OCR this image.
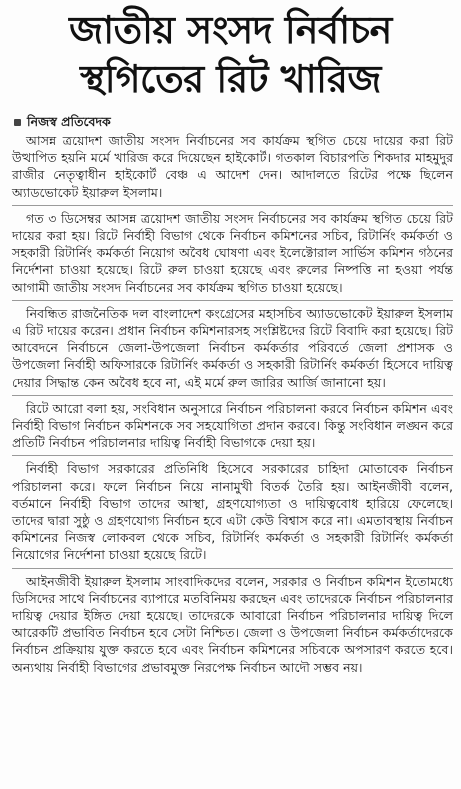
জাতীয় সংসদ নির্বাচন
স্থগিতের রিট খারিজ
নিজস্ব প্রতিবেদক

আসন্ন ত্রয়োদশ জাতীয় সংসদ নির্বাচনের সব কার্যক্রম স্থগিত চেয়ে দায়ের করা রিট উত্থাপিত হয়নি মর্মে খারিজ করে দিয়েছেন হাইকোর্ট। গতকাল বিচারপতি শিকদার মাহমুদুর রাজীর নেতৃত্বাধীন হাইকোর্ট বেঞ্চ এ আদেশ দেন। আদালতে রিটের পক্ষে ছিলেন অ্যাডভোকেট ইয়ারুল ইসলাম।

গত ৩ ডিসেম্বর আসন্ন ত্রয়োদশ জাতীয় সংসদ নির্বাচনের সব কার্যক্রম স্থগিত চেয়ে রিট দায়ের করা হয়। রিটে নির্বাহী বিভাগ থেকে নির্বাচন কমিশনের সচিব, রিটার্নিং কর্মকর্তা ও সহকারী রিটার্নিং কর্মকর্তা নিয়োগ অবৈধ ঘোষণা এবং ইলেক্টোরাল সার্ভিস কমিশন গঠনের নির্দেশনা চাওয়া হয়েছে। রিটে রুল চাওয়া হয়েছে এবং রুলের নিষ্পত্তি না হওয়া পর্যন্ত আগামী জাতীয় সংসদ নির্বাচনের সব কার্যক্রম স্থগিত চাওয়া হয়েছে।

নিবন্ধিত রাজনৈতিক দল বাংলাদেশ কংগ্রেসের মহাসচিব অ্যাডভোকেট ইয়ারুল ইসলাম এ রিট দায়ের করেন। প্রধান নির্বাচন কমিশনারসহ সংশ্লিষ্টদের রিটে বিবাদি করা হয়েছে। রিট আবেদনে নির্বাচনে জেলা-উপজেলা নির্বাচন কর্মকর্তার পরিবর্তে জেলা প্রশাসক ও উপজেলা নির্বাহী অফিসারকে রিটার্নিং কর্মকর্তা ও সহকারী রিটার্নিং কর্মকর্তা হিসেবে দায়িত্ব দেয়ার সিদ্ধান্ত কেন অবৈধ হবে না, এই মর্মে রুল জারির আর্জি জানানো হয়।

রিটে আরো বলা হয়, সংবিধান অনুসারে নির্বাচন পরিচালনা করবে নির্বাচন কমিশন এবং নির্বাহী বিভাগ নির্বাচন কমিশনকে সব সহযোগিতা প্রদান করবে। কিন্তু সংবিধান লঙ্ঘন করে প্রতিটি নির্বাচন পরিচালনার দায়িত্ব নির্বাহী বিভাগকে দেয়া হয়।

নির্বাহী বিভাগ সরকারের প্রতিনিধি হিসেবে সরকারের চাহিদা মোতাবেক নির্বাচন পরিচালনা করে। ফলে নির্বাচন নিয়ে নানামুখী বিতর্ক তৈরি হয়। আইনজীবী বলেন, বর্তমানে নির্বাহী বিভাগ তাদের আস্থা, গ্রহণযোগ্যতা ও দায়িত্ববোধ হারিয়ে ফেলেছে। তাদের দ্বারা সুষ্ঠু ও গ্রহণযোগ্য নির্বাচন হবে এটা কেউ বিশ্বাস করে না। এমতাবস্থায় নির্বাচন কমিশনের নিজস্ব লোকবল থেকে সচিব, রিটার্নিং কর্মকর্তা ও সহকারী রিটার্নিং কর্মকর্তা নিয়োগের নির্দেশনা চাওয়া হয়েছে রিটে।

আইনজীবী ইয়ারুল ইসলাম সাংবাদিকদের বলেন, সরকার ও নির্বাচন কমিশন ইতোমধ্যে ডিসিদের সাথে নির্বাচনের ব্যাপারে মতবিনিময় করছেন এবং তাদেরকে নির্বাচন পরিচালনার দায়িত্ব দেয়ার ইঙ্গিত দেয়া হয়েছে। তাদেরকে আবারো নির্বাচন পরিচালনার দায়িত্ব দিলে আরেকটি প্রভাবিত নির্বাচন হবে সেটা নিশ্চিত। জেলা ও উপজেলা নির্বাচন কর্মকর্তাদেরকে নির্বাচন প্রক্রিয়ায় যুক্ত করতে হবে এবং নির্বাচন কমিশনের সচিবকে অপসারণ করতে হবে। অন্যথায় নির্বাহী বিভাগের প্রভাবমুক্ত নিরপেক্ষ নির্বাচন আদৌ সম্ভব নয়।
